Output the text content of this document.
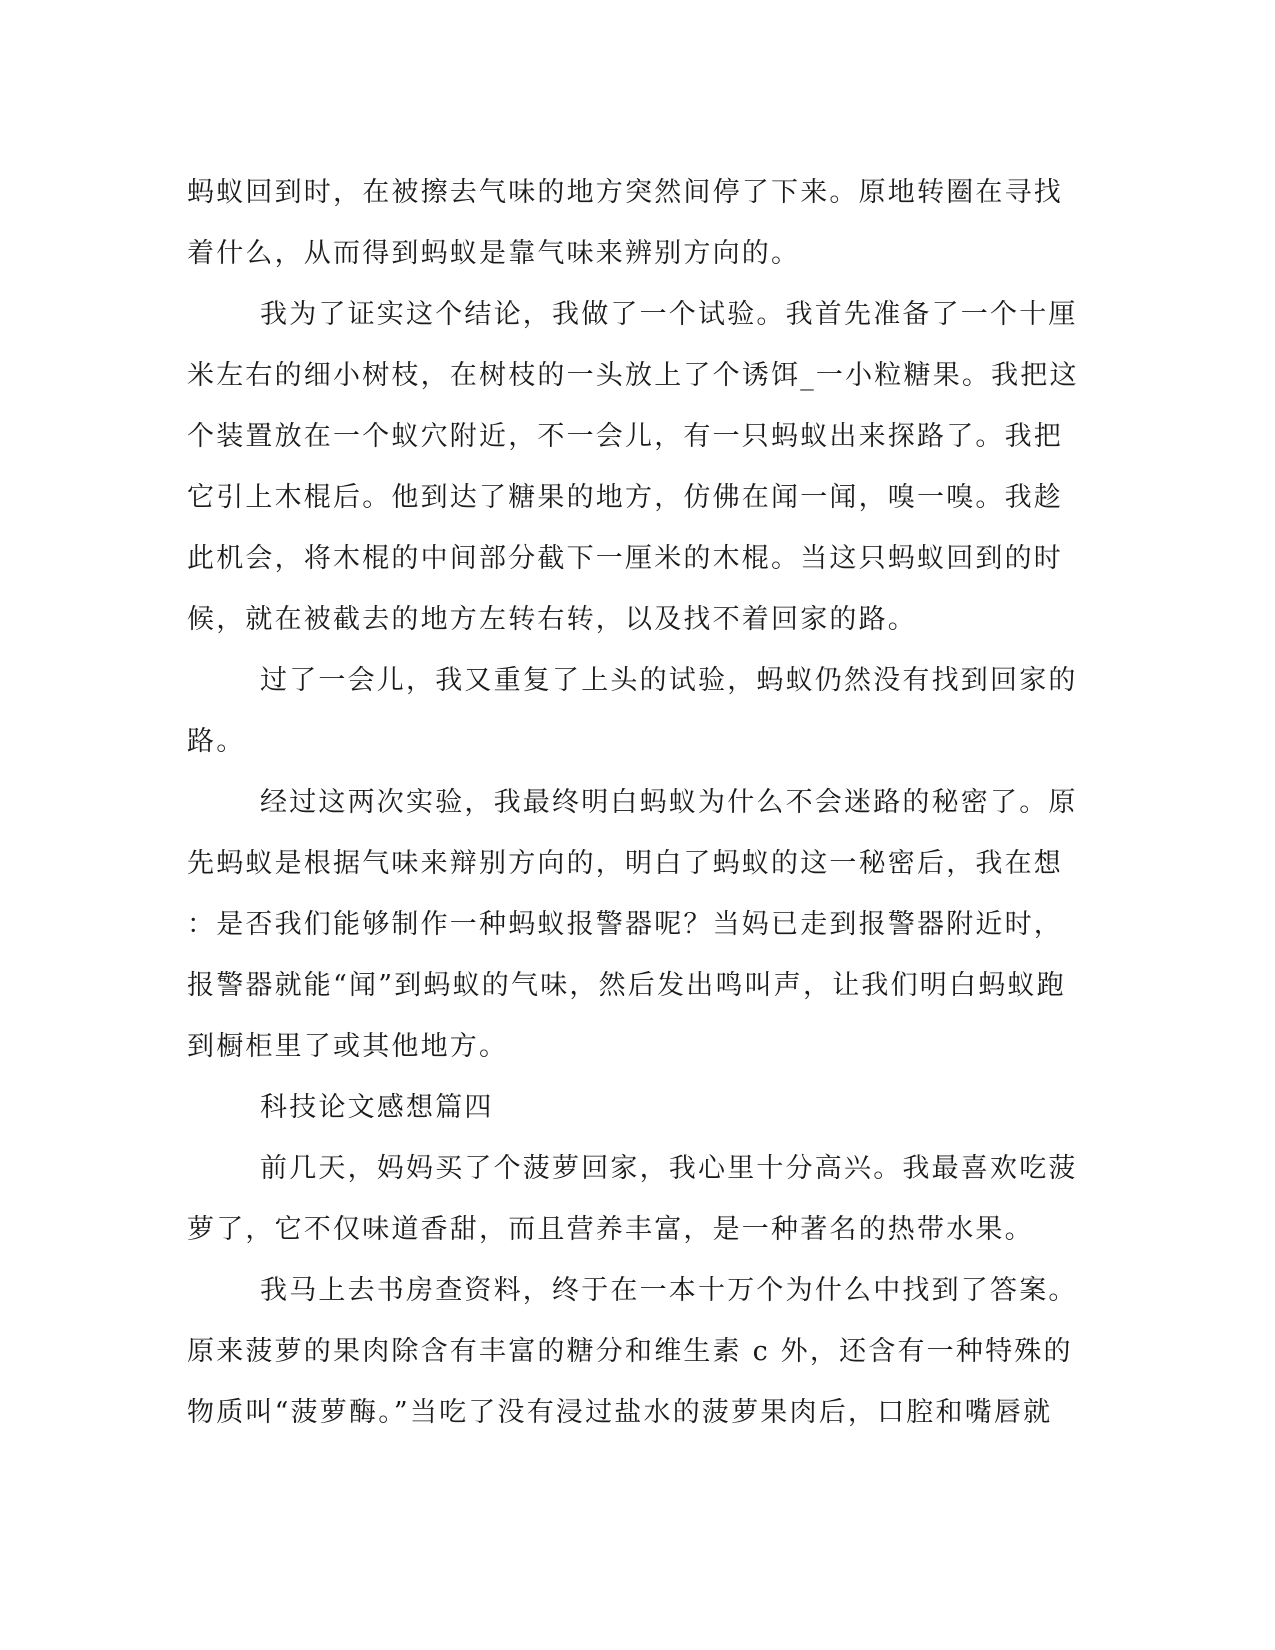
蚂蚁回到时，在被擦去气味的地方突然间停了下来。原地转圈在寻找
着什么，从而得到蚂蚁是靠气味来辨别方向的。
我为了证实这个结论，我做了一个试验。我首先准备了一个十厘
米左右的细小树枝，在树枝的一头放上了个诱饵_一小粒糖果。我把这
个装置放在一个蚁穴附近，不一会儿，有一只蚂蚁出来探路了。我把
它引上木棍后。他到达了糖果的地方，仿佛在闻一闻，嗅一嗅。我趁
此机会，将木棍的中间部分截下一厘米的木棍。当这只蚂蚁回到的时
候，就在被截去的地方左转右转，以及找不着回家的路。
过了一会儿，我又重复了上头的试验，蚂蚁仍然没有找到回家的
路。
经过这两次实验，我最终明白蚂蚁为什么不会迷路的秘密了。原
先蚂蚁是根据气味来辩别方向的，明白了蚂蚁的这一秘密后，我在想
：是否我们能够制作一种蚂蚁报警器呢？当妈已走到报警器附近时，
报警器就能“闻”到蚂蚁的气味，然后发出鸣叫声，让我们明白蚂蚁跑
到橱柜里了或其他地方。
科技论文感想篇四
前几天，妈妈买了个菠萝回家，我心里十分高兴。我最喜欢吃菠
萝了，它不仅味道香甜，而且营养丰富，是一种著名的热带水果。
我马上去书房查资料，终于在一本十万个为什么中找到了答案。
原来菠萝的果肉除含有丰富的糖分和维生素 c 外，还含有一种特殊的
物质叫“菠萝酶。”当吃了没有浸过盐水的菠萝果肉后，口腔和嘴唇就
